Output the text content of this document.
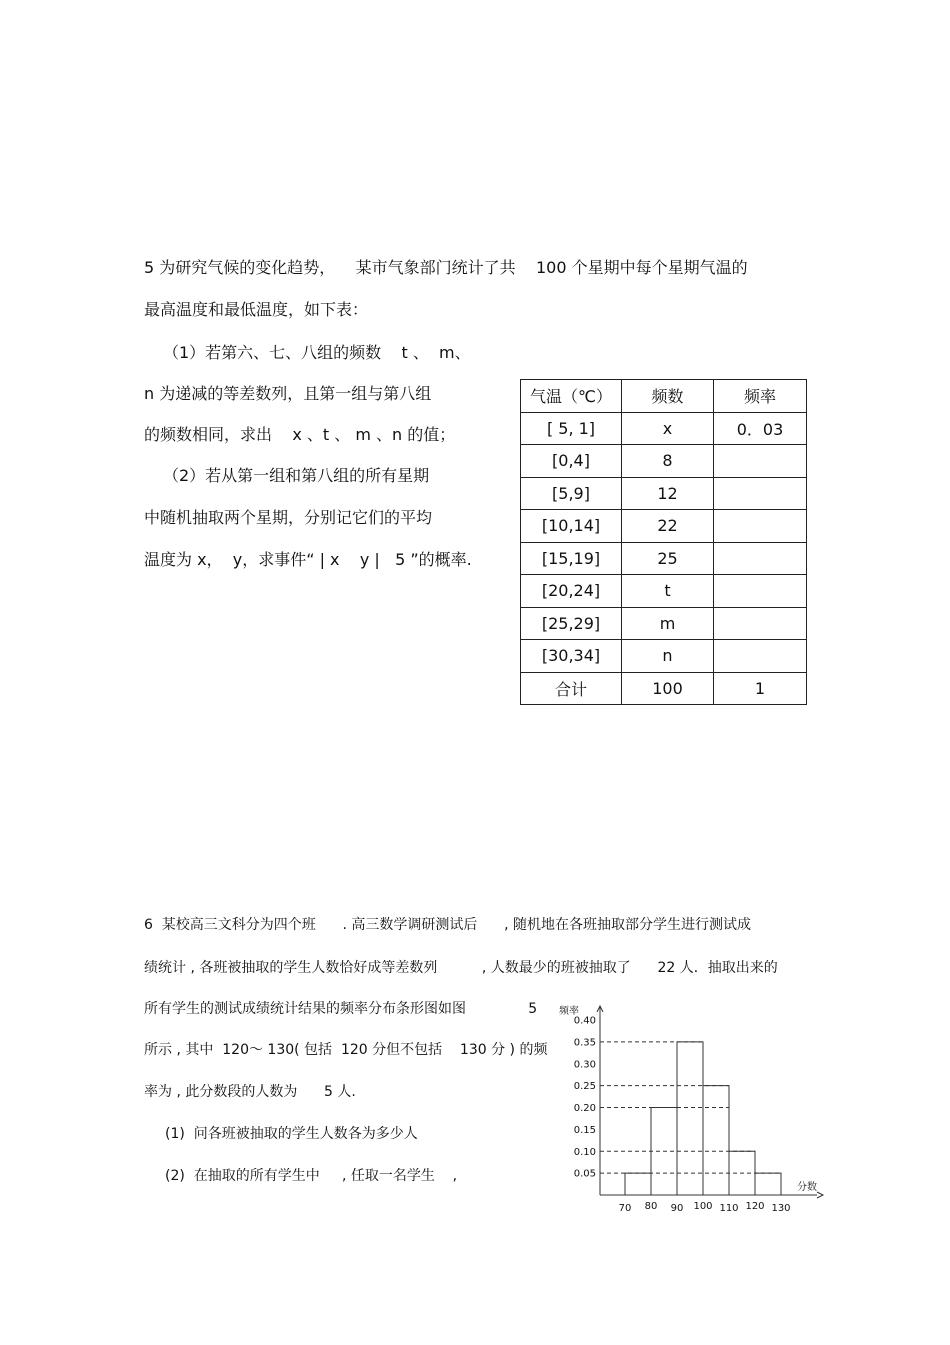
5 为研究气候的变化趋势，    某市气象部门统计了共    100 个星期中每个星期气温的
最高温度和最低温度，如下表：
（1）若第六、七、八组的频数    t 、  m、
n 为递减的等差数列，且第一组与第八组
的频数相同，求出    x 、t 、 m 、n 的值；
（2）若从第一组和第八组的所有星期
中随机抽取两个星期，分别记它们的平均
温度为 x，  y，求事件“ | x    y |   5 ”的概率.
气温（℃）	频数	频率
[ 5, 1]	x	0．03
[0,4]	8	
[5,9]	12	
[10,14]	22	
[15,19]	25	
[20,24]	t	
[25,29]	m	
[30,34]	n	
合计	100	1
6  某校高三文科分为四个班      . 高三数学调研测试后      , 随机地在各班抽取部分学生进行测试成
绩统计 , 各班被抽取的学生人数恰好成等差数列          , 人数最少的班被抽取了      22 人．抽取出来的
所有学生的测试成绩统计结果的频率分布条形图如图              5
所示 , 其中  120～ 130( 包括  120 分但不包括    130 分 ) 的频
率为 , 此分数段的人数为      5 人.
(1)  问各班被抽取的学生人数各为多少人
(2)  在抽取的所有学生中     , 任取一名学生    ,	0.05
0.10
0.15
0.20
0.25
0.30
0.35
0.40
70 80 90 100 110 120 130
频率
分数
